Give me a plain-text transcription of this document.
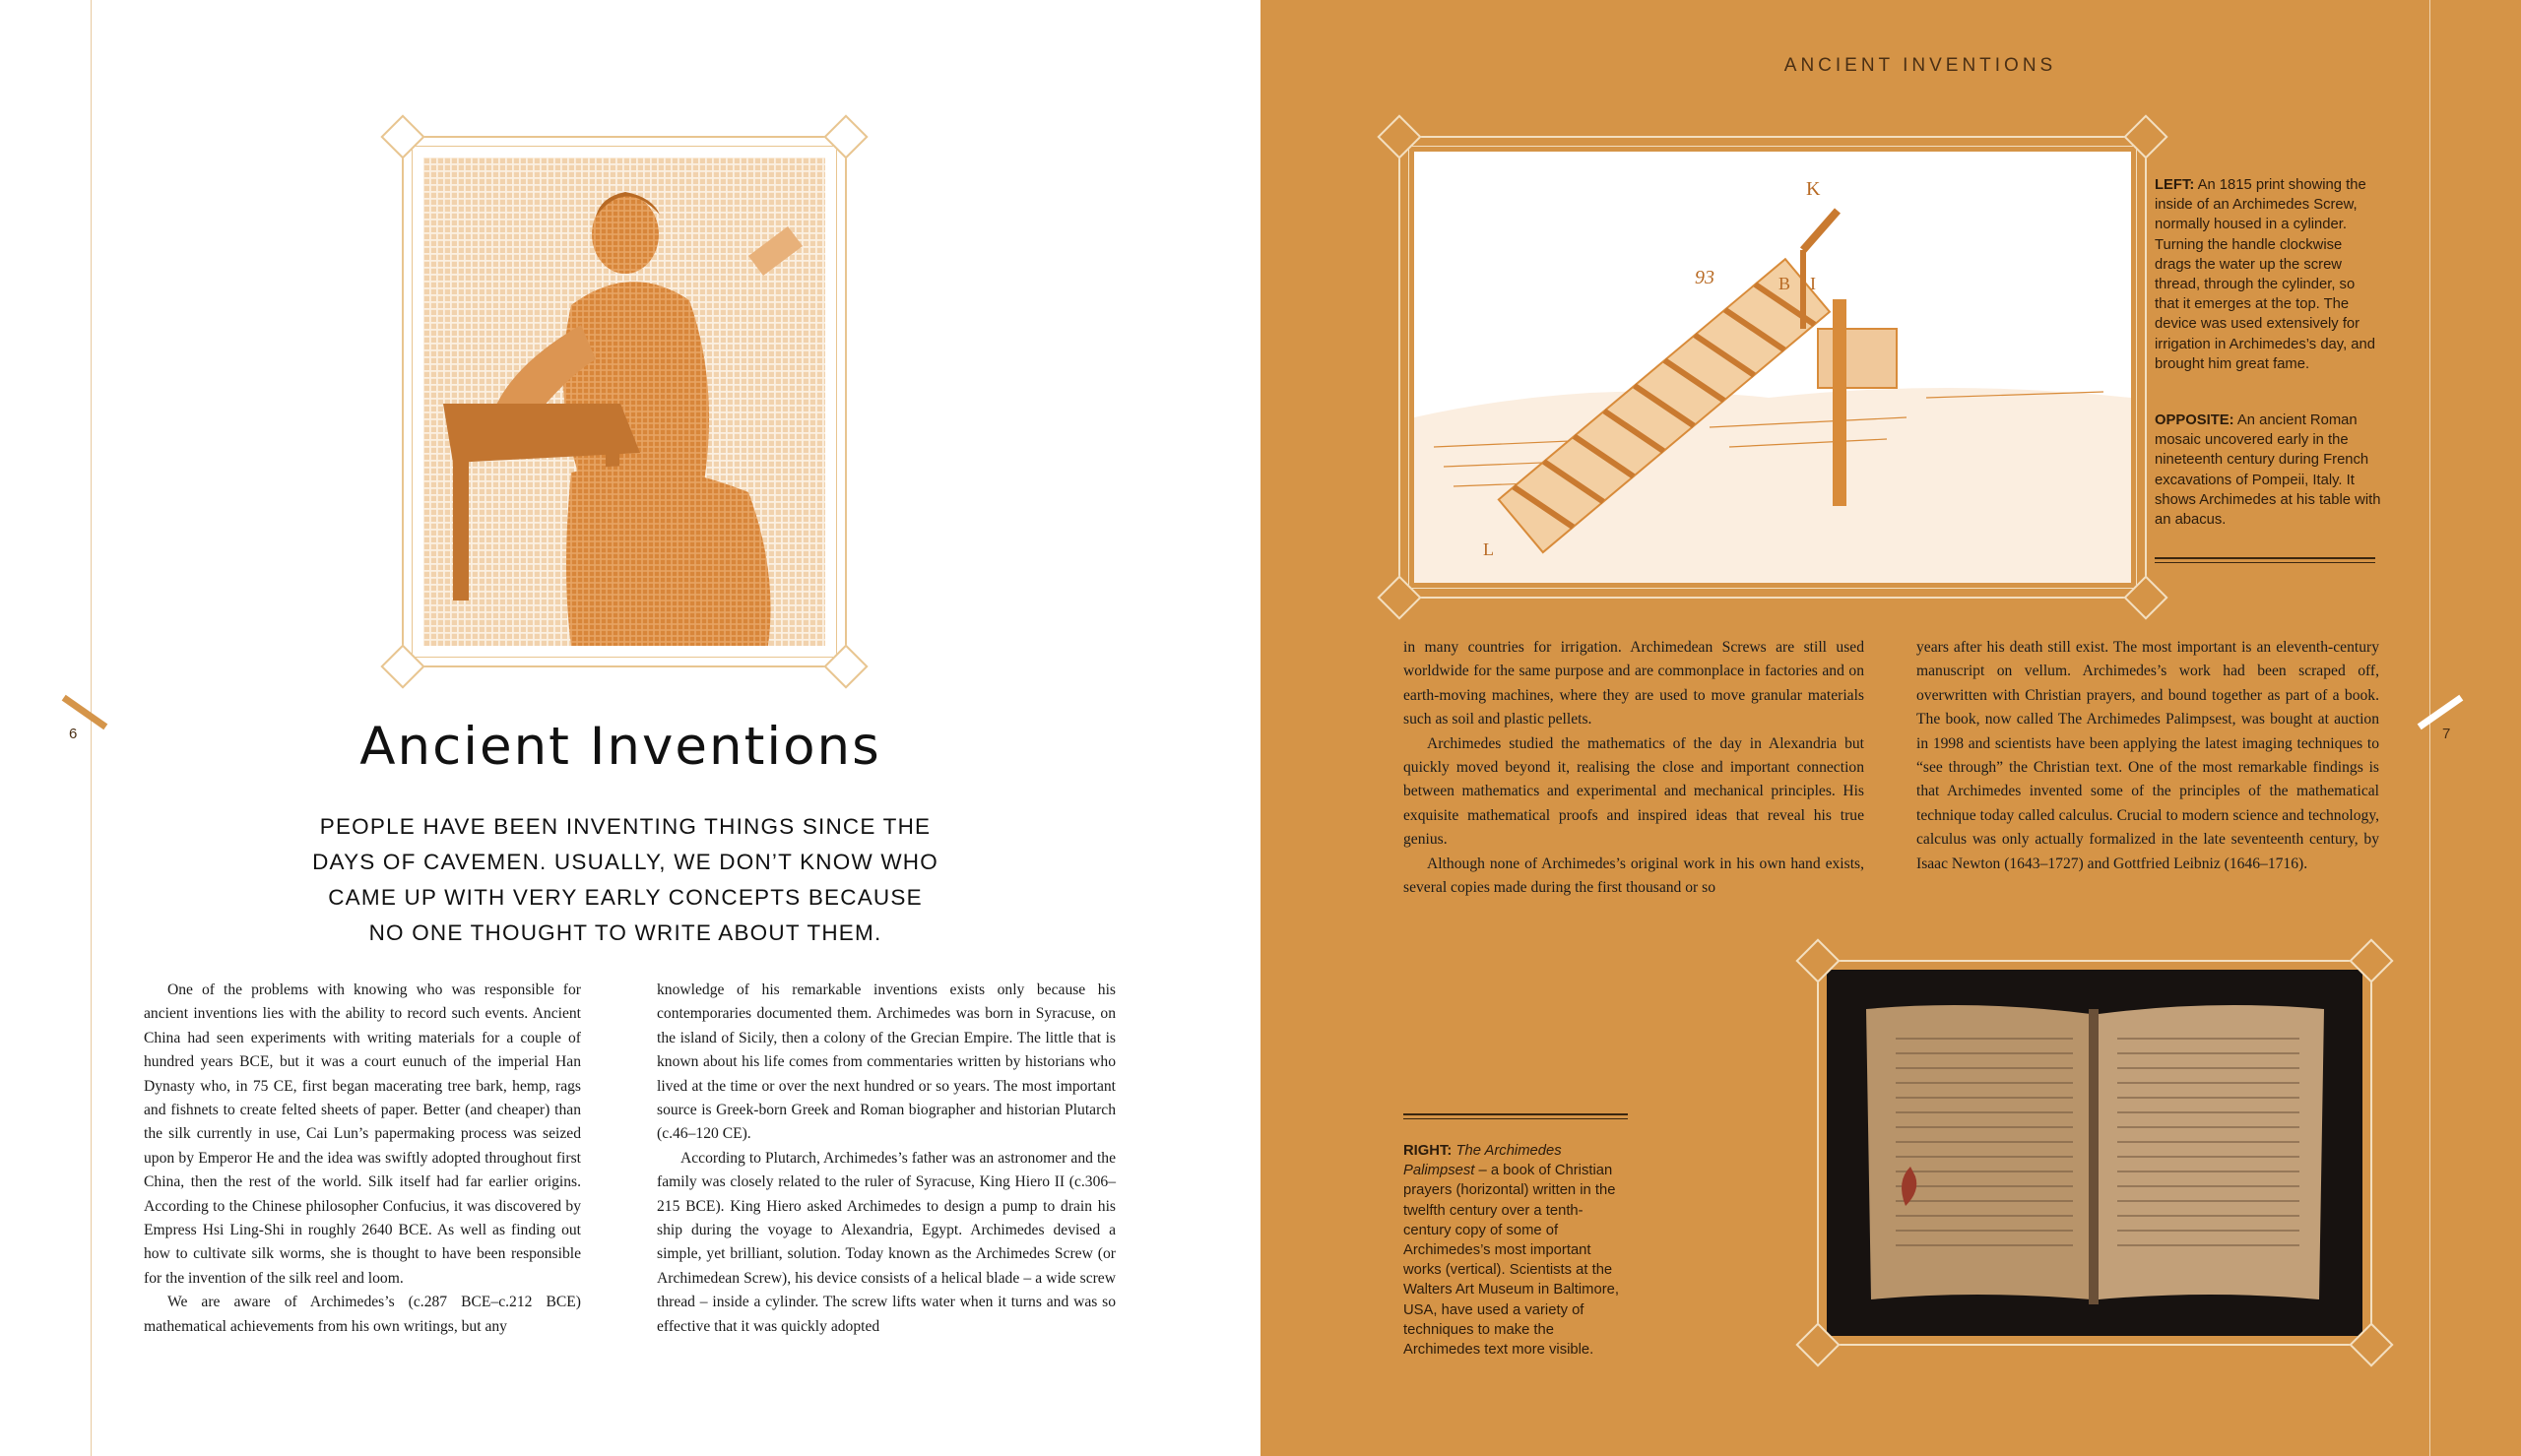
ANCIENT INVENTIONS
6	7
Ancient Inventions
PEOPLE HAVE BEEN INVENTING THINGS SINCE THE DAYS OF CAVEMEN. USUALLY, WE DON’T KNOW WHO CAME UP WITH VERY EARLY CONCEPTS BECAUSE NO ONE THOUGHT TO WRITE ABOUT THEM.

One of the problems with knowing who was responsible for ancient inventions lies with the ability to record such events. Ancient China had seen experiments with writing materials for a couple of hundred years BCE, but it was a court eunuch of the imperial Han Dynasty who, in 75 CE, first began macerating tree bark, hemp, rags and fishnets to create felted sheets of paper. Better (and cheaper) than the silk currently in use, Cai Lun’s papermaking process was seized upon by Emperor He and the idea was swiftly adopted throughout first China, then the rest of the world. Silk itself had far earlier origins. According to the Chinese philosopher Confucius, it was discovered by Empress Hsi Ling-Shi in roughly 2640 BCE. As well as finding out how to cultivate silk worms, she is thought to have been responsible for the invention of the silk reel and loom.

We are aware of Archimedes’s (c.287 BCE–c.212 BCE) mathematical achievements from his own writings, but any

knowledge of his remarkable inventions exists only because his contemporaries documented them. Archimedes was born in Syracuse, on the island of Sicily, then a colony of the Grecian Empire. The little that is known about his life comes from commentaries written by historians who lived at the time or over the next hundred or so years. The most important source is Greek-born Greek and Roman biographer and historian Plutarch (c.46–120 CE).

According to Plutarch, Archimedes’s father was an astronomer and the family was closely related to the ruler of Syracuse, King Hiero II (c.306–215 BCE). King Hiero asked Archimedes to design a pump to drain his ship during the voyage to Alexandria, Egypt. Archimedes devised a simple, yet brilliant, solution. Today known as the Archimedes Screw (or Archimedean Screw), his device consists of a helical blade – a wide screw thread – inside a cylinder. The screw lifts water when it turns and was so effective that it was quickly adopted

K
93	B I
L
LEFT: An 1815 print showing the inside of an Archimedes Screw, normally housed in a cylinder. Turning the handle clockwise drags the water up the screw thread, through the cylinder, so that it emerges at the top. The device was used extensively for irrigation in Archimedes’s day, and brought him great fame.
OPPOSITE: An ancient Roman mosaic uncovered early in the nineteenth century during French excavations of Pompeii, Italy. It shows Archimedes at his table with an abacus.

in many countries for irrigation. Archimedean Screws are still used worldwide for the same purpose and are commonplace in factories and on earth-moving machines, where they are used to move granular materials such as soil and plastic pellets.

Archimedes studied the mathematics of the day in Alexandria but quickly moved beyond it, realising the close and important connection between mathematics and experimental and mechanical principles. His exquisite mathematical proofs and inspired ideas that reveal his true genius.

Although none of Archimedes’s original work in his own hand exists, several copies made during the first thousand or so

years after his death still exist. The most important is an eleventh-century manuscript on vellum. Archimedes’s work had been scraped off, overwritten with Christian prayers, and bound together as part of a book. The book, now called The Archimedes Palimpsest, was bought at auction in 1998 and scientists have been applying the latest imaging techniques to “see through” the Christian text. One of the most remarkable findings is that Archimedes invented some of the principles of the mathematical technique today called calculus. Crucial to modern science and technology, calculus was only actually formalized in the late seventeenth century, by Isaac Newton (1643–1727) and Gottfried Leibniz (1646–1716).

RIGHT: The Archimedes Palimpsest – a book of Christian prayers (horizontal) written in the twelfth century over a tenth-century copy of some of Archimedes’s most important works (vertical). Scientists at the Walters Art Museum in Baltimore, USA, have used a variety of techniques to make the Archimedes text more visible.
